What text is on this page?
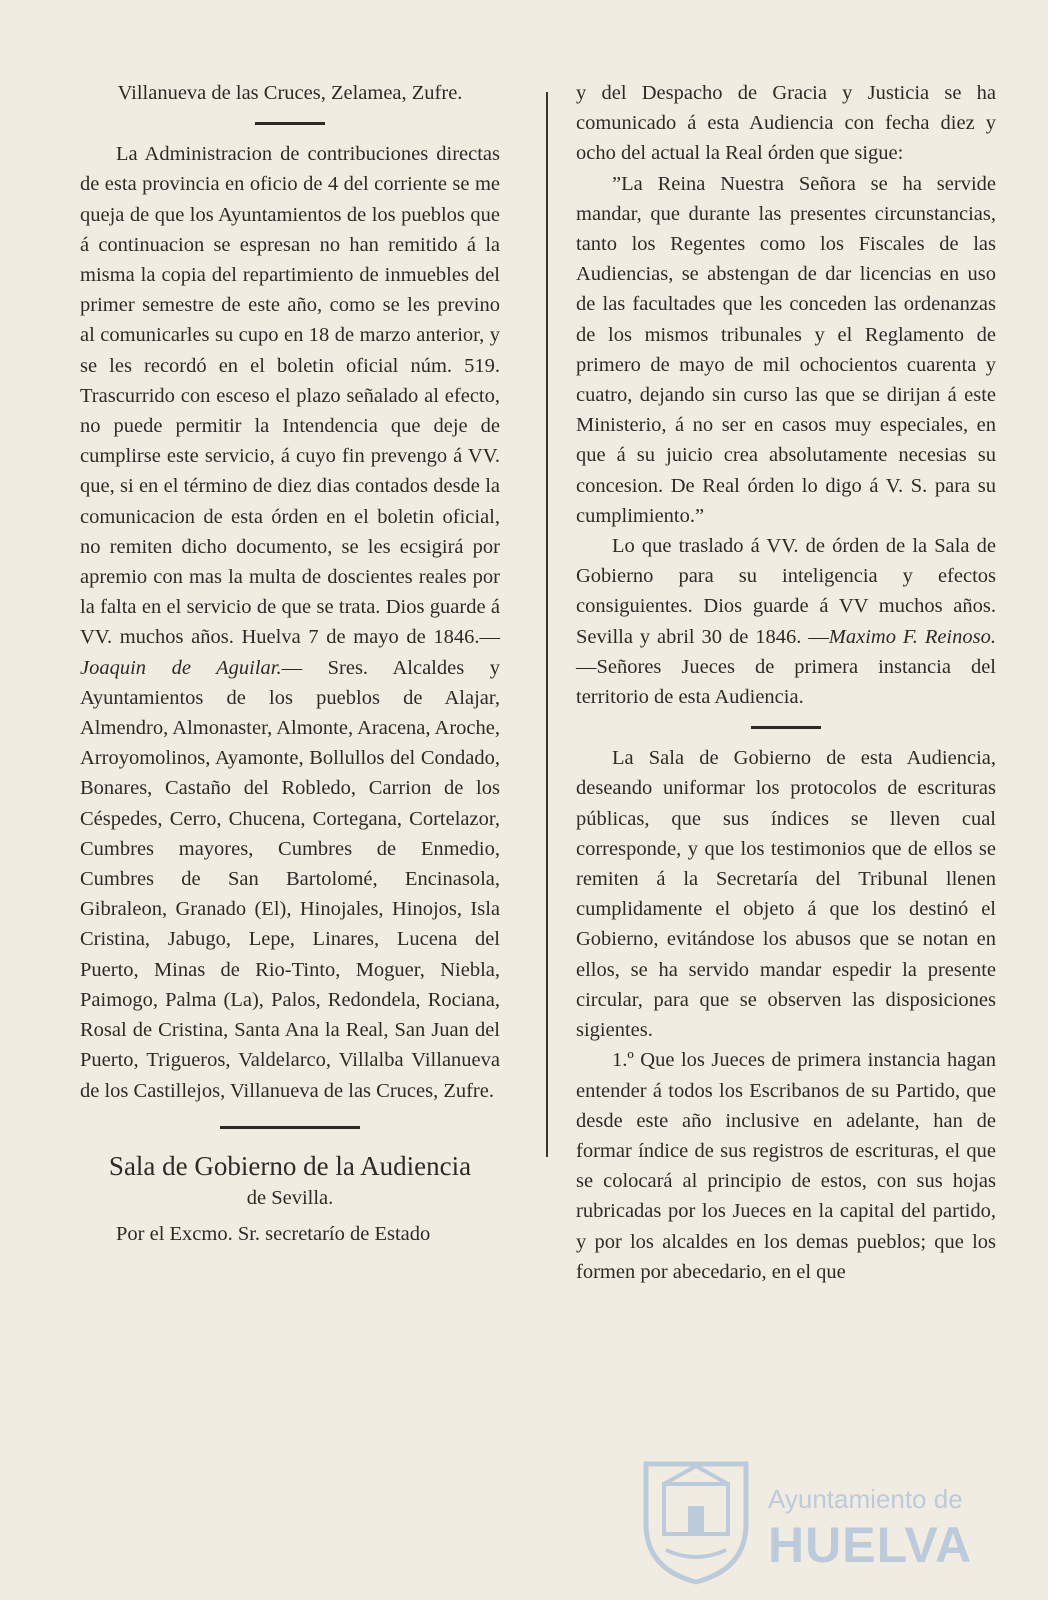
Villanueva de las Cruces, Zelamea, Zufre.

La Administracion de contribuciones directas de esta provincia en oficio de 4 del corriente se me queja de que los Ayuntamientos de los pueblos que á continuacion se espresan no han remitido á la misma la copia del repartimiento de inmuebles del primer semestre de este año, como se les previno al comunicarles su cupo en 18 de marzo anterior, y se les recordó en el boletin oficial núm. 519. Trascurrido con esceso el plazo señalado al efecto, no puede permitir la Intendencia que deje de cumplirse este servicio, á cuyo fin prevengo á VV. que, si en el término de diez dias contados desde la comunicacion de esta órden en el boletin oficial, no remiten dicho documento, se les ecsigirá por apremio con mas la multa de doscientes reales por la falta en el servicio de que se trata. Dios guarde á VV. muchos años. Huelva 7 de mayo de 1846.—Joaquin de Aguilar.— Sres. Alcaldes y Ayuntamientos de los pueblos de Alajar, Almendro, Almonaster, Almonte, Aracena, Aroche, Arroyomolinos, Ayamonte, Bollullos del Condado, Bonares, Castaño del Robledo, Carrion de los Céspedes, Cerro, Chucena, Cortegana, Cortelazor, Cumbres mayores, Cumbres de Enmedio, Cumbres de San Bartolomé, Encinasola, Gibraleon, Granado (El), Hinojales, Hinojos, Isla Cristina, Jabugo, Lepe, Linares, Lucena del Puerto, Minas de Rio-Tinto, Moguer, Niebla, Paimogo, Palma (La), Palos, Redondela, Rociana, Rosal de Cristina, Santa Ana la Real, San Juan del Puerto, Trigueros, Valdelarco, Villalba Villanueva de los Castillejos, Villanueva de las Cruces, Zufre.

Sala de Gobierno de la Audiencia

de Sevilla.

Por el Excmo. Sr. secretarío de Estado

y del Despacho de Gracia y Justicia se ha comunicado á esta Audiencia con fecha diez y ocho del actual la Real órden que sigue:

”La Reina Nuestra Señora se ha servide mandar, que durante las presentes circunstancias, tanto los Regentes como los Fiscales de las Audiencias, se abstengan de dar licencias en uso de las facultades que les conceden las ordenanzas de los mismos tribunales y el Reglamento de primero de mayo de mil ochocientos cuarenta y cuatro, dejando sin curso las que se dirijan á este Ministerio, á no ser en casos muy especiales, en que á su juicio crea absolutamente necesias su concesion. De Real órden lo digo á V. S. para su cumplimiento.”

Lo que traslado á VV. de órden de la Sala de Gobierno para su inteligencia y efectos consiguientes. Dios guarde á VV muchos años. Sevilla y abril 30 de 1846. —Maximo F. Reinoso.—Señores Jueces de primera instancia del territorio de esta Audiencia.

La Sala de Gobierno de esta Audiencia, deseando uniformar los protocolos de escrituras públicas, que sus índices se lleven cual corresponde, y que los testimonios que de ellos se remiten á la Secretaría del Tribunal llenen cumplidamente el objeto á que los destinó el Gobierno, evitándose los abusos que se notan en ellos, se ha servido mandar espedir la presente circular, para que se observen las disposiciones sigientes.

1.º Que los Jueces de primera instancia hagan entender á todos los Escribanos de su Partido, que desde este año inclusive en adelante, han de formar índice de sus registros de escrituras, el que se colocará al principio de estos, con sus hojas rubricadas por los Jueces en la capital del partido, y por los alcaldes en los demas pueblos; que los formen por abecedario, en el que

Ayuntamiento de
HUELVA
